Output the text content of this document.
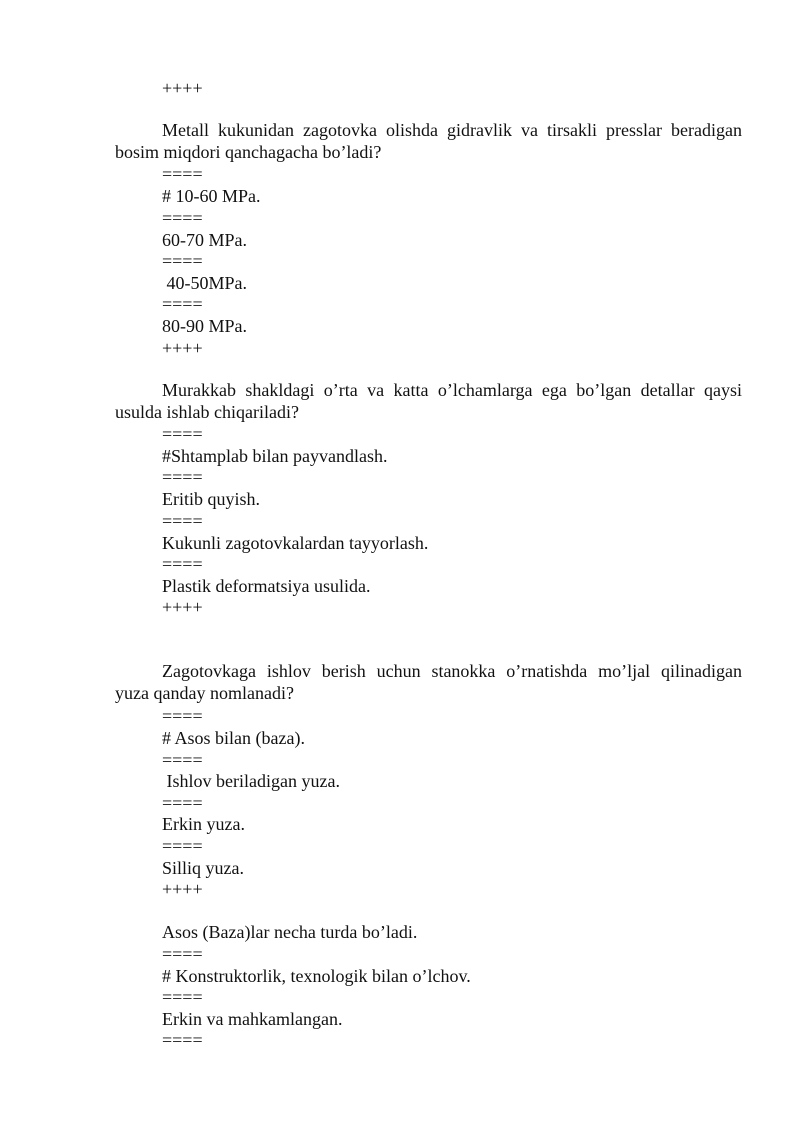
++++
Metall kukunidan zagotovka olishda gidravlik va tirsakli presslar beradigan
bosim miqdori qanchagacha bo’ladi?
====
# 10-60 MPa.
====
60-70 MPa.
====
40-50MPa.
====
80-90 MPa.
++++
Murakkab shakldagi o’rta va katta o’lchamlarga ega bo’lgan detallar qaysi
usulda ishlab chiqariladi?
====
#Shtamplab bilan payvandlash.
====
Eritib quyish.
====
Kukunli zagotovkalardan tayyorlash.
====
Plastik deformatsiya usulida.
++++
Zagotovkaga ishlov berish uchun stanokka o’rnatishda mo’ljal qilinadigan
yuza qanday nomlanadi?
====
# Asos bilan (baza).
====
Ishlov beriladigan yuza.
====
Erkin yuza.
====
Silliq yuza.
++++
Asos (Baza)lar necha turda bo’ladi.
====
# Konstruktorlik, texnologik bilan o’lchov.
====
Erkin va mahkamlangan.
====
